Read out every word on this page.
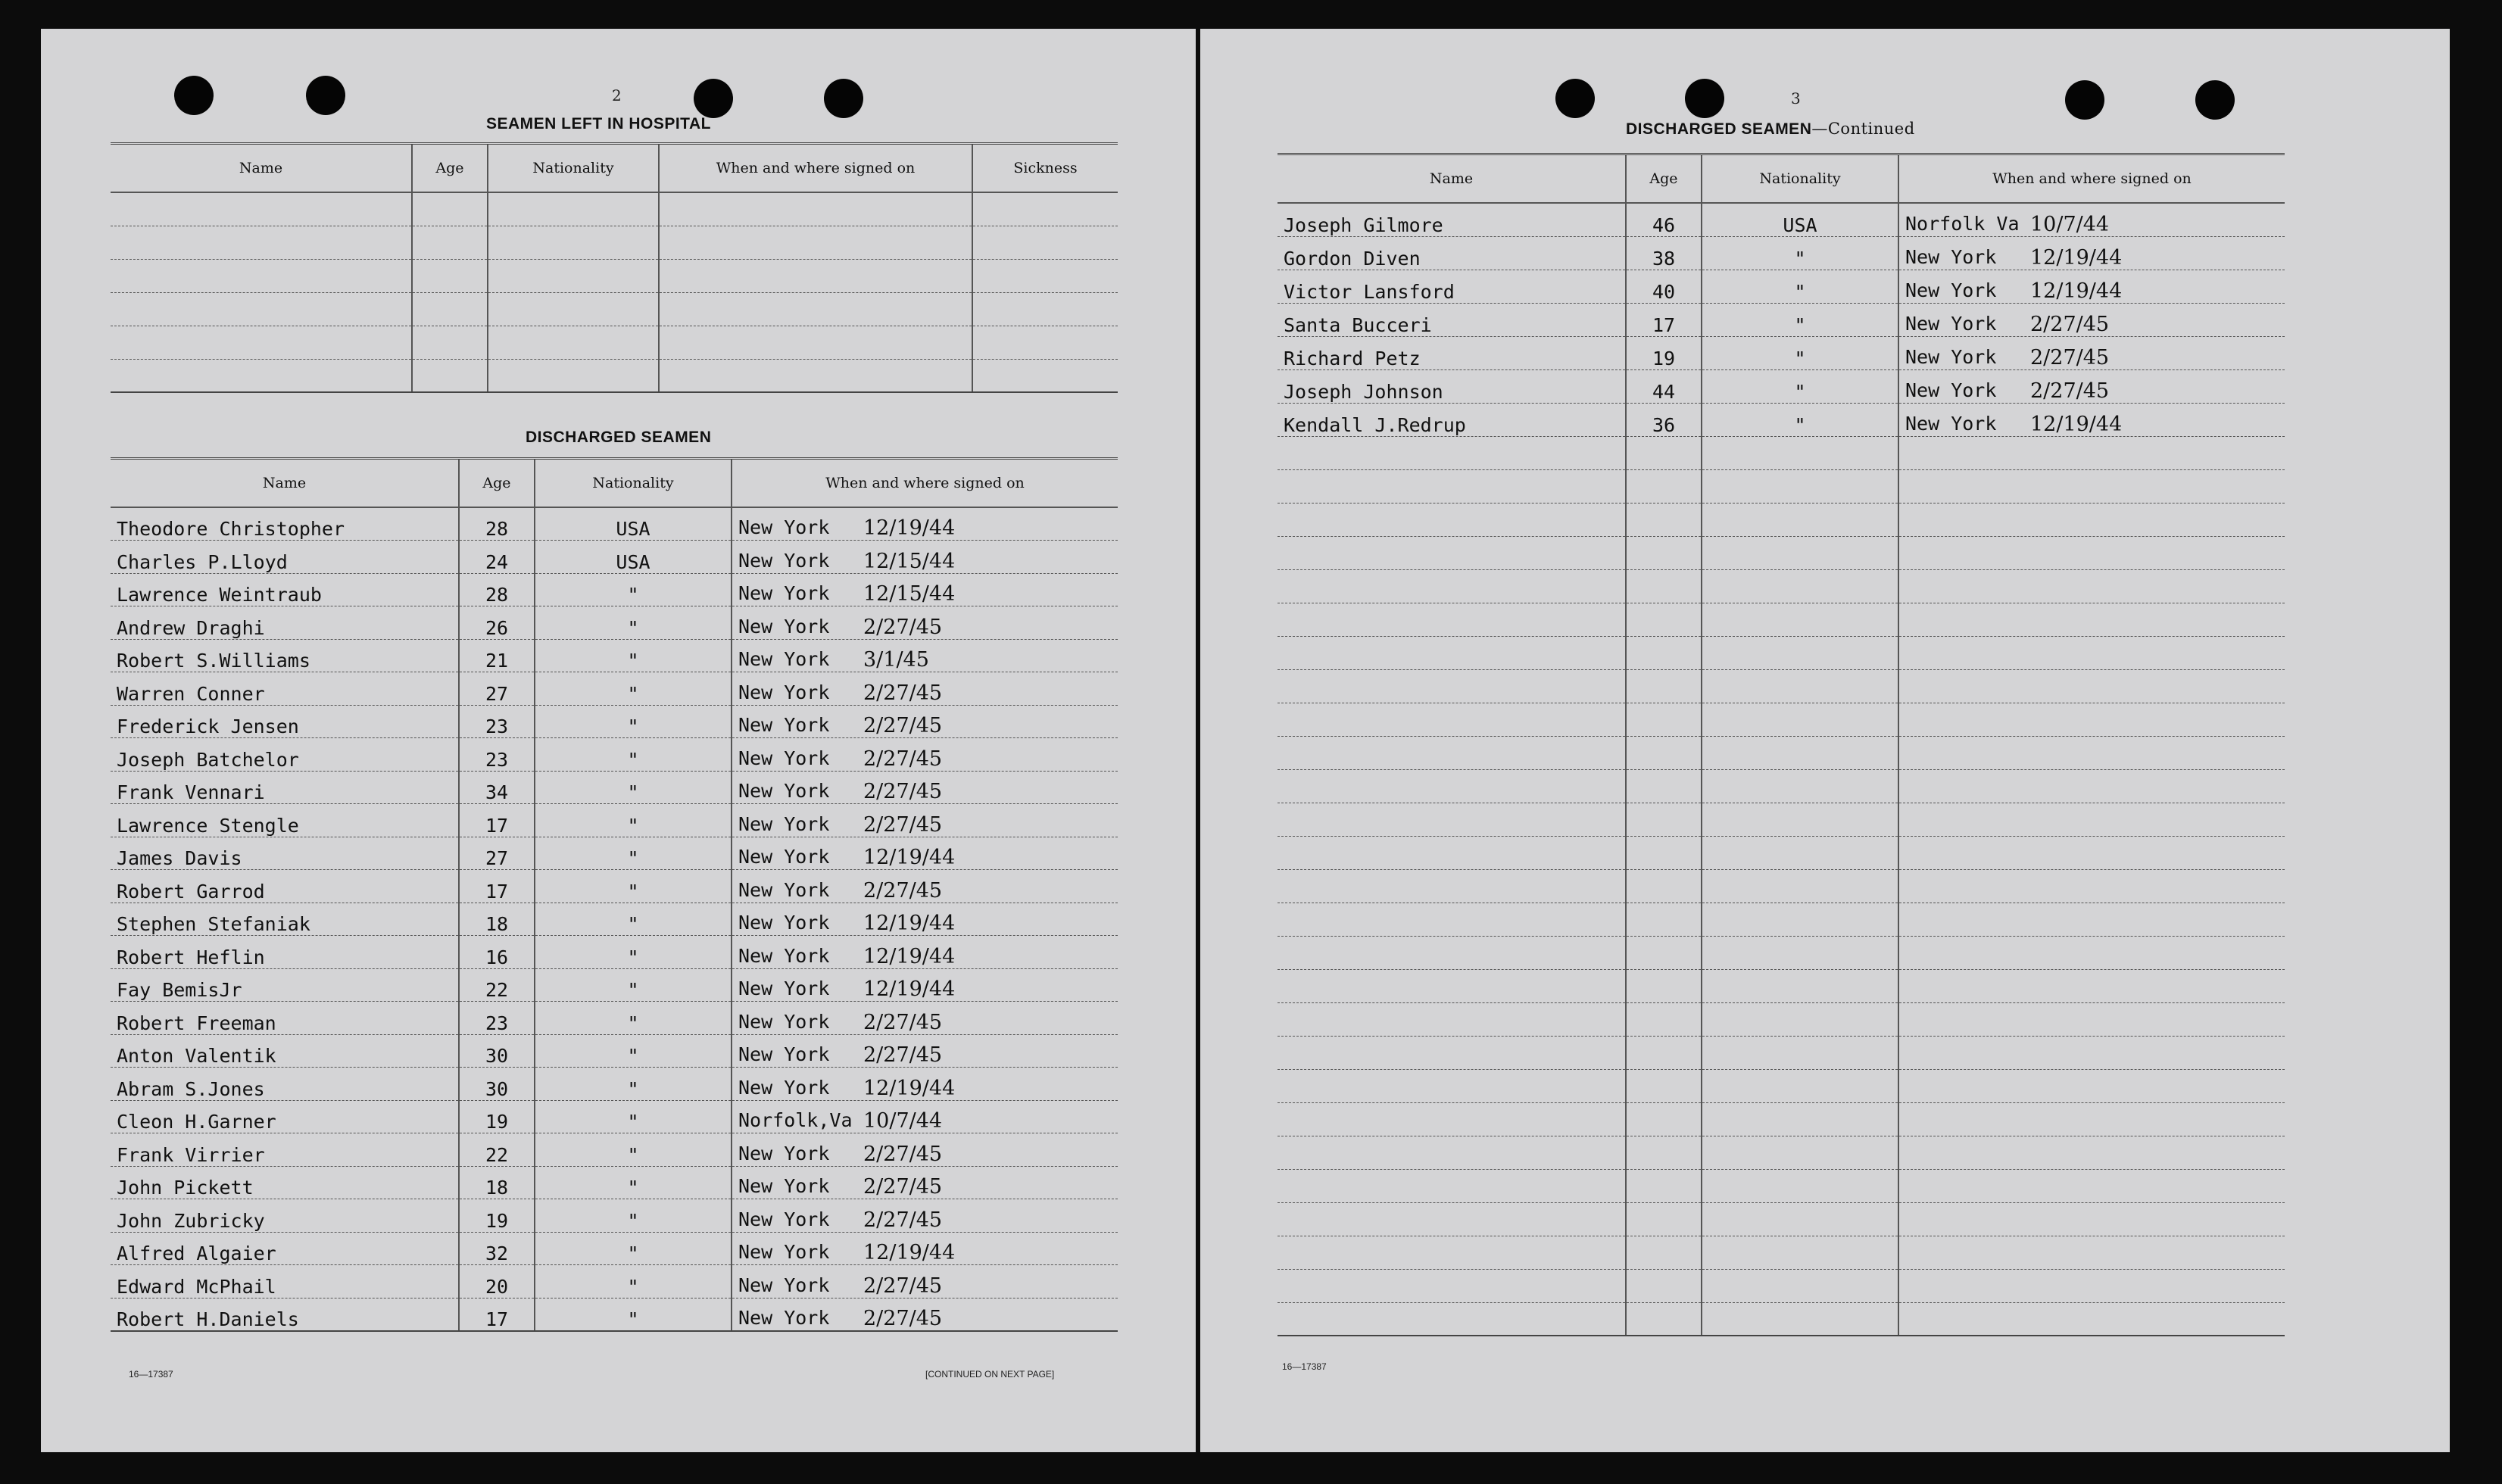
2
SEAMEN LEFT IN HOSPITAL
Name	Age	Nationality	When and where signed on	Sickness

DISCHARGED SEAMEN
Name	Age	Nationality	When and where signed on
Theodore Christopher	28	USA	New York 12/19/44

Charles P.Lloyd	24	USA	New York 12/15/44

Lawrence Weintraub	28	"	New York 12/15/44

Andrew Draghi	26	"	New York 2/27/45

Robert S.Williams	21	"	New York 3/1/45

Warren Conner	27	"	New York 2/27/45

Frederick Jensen	23	"	New York 2/27/45

Joseph Batchelor	23	"	New York 2/27/45

Frank Vennari	34	"	New York 2/27/45

Lawrence Stengle	17	"	New York 2/27/45

James Davis	27	"	New York 12/19/44

Robert Garrod	17	"	New York 2/27/45

Stephen Stefaniak	18	"	New York 12/19/44

Robert Heflin	16	"	New York 12/19/44

Fay BemisJr	22	"	New York 12/19/44

Robert Freeman	23	"	New York 2/27/45

Anton Valentik	30	"	New York 2/27/45

Abram S.Jones	30	"	New York 12/19/44

Cleon H.Garner	19	"	Norfolk,Va 10/7/44

Frank Virrier	22	"	New York 2/27/45

John Pickett	18	"	New York 2/27/45

John Zubricky	19	"	New York 2/27/45

Alfred Algaier	32	"	New York 12/19/44

Edward McPhail	20	"	New York 2/27/45

Robert H.Daniels	17	"	New York 2/27/45
16—17387	[CONTINUED ON NEXT PAGE]
3
DISCHARGED SEAMEN—Continued
Name	Age	Nationality	When and where signed on
Joseph Gilmore	46	USA	Norfolk Va 10/7/44

Gordon Diven	38	"	New York 12/19/44

Victor Lansford	40	"	New York 12/19/44

Santa Bucceri	17	"	New York 2/27/45

Richard Petz	19	"	New York 2/27/45

Joseph Johnson	44	"	New York 2/27/45

Kendall J.Redrup	36	"	New York 12/19/44

16—17387
